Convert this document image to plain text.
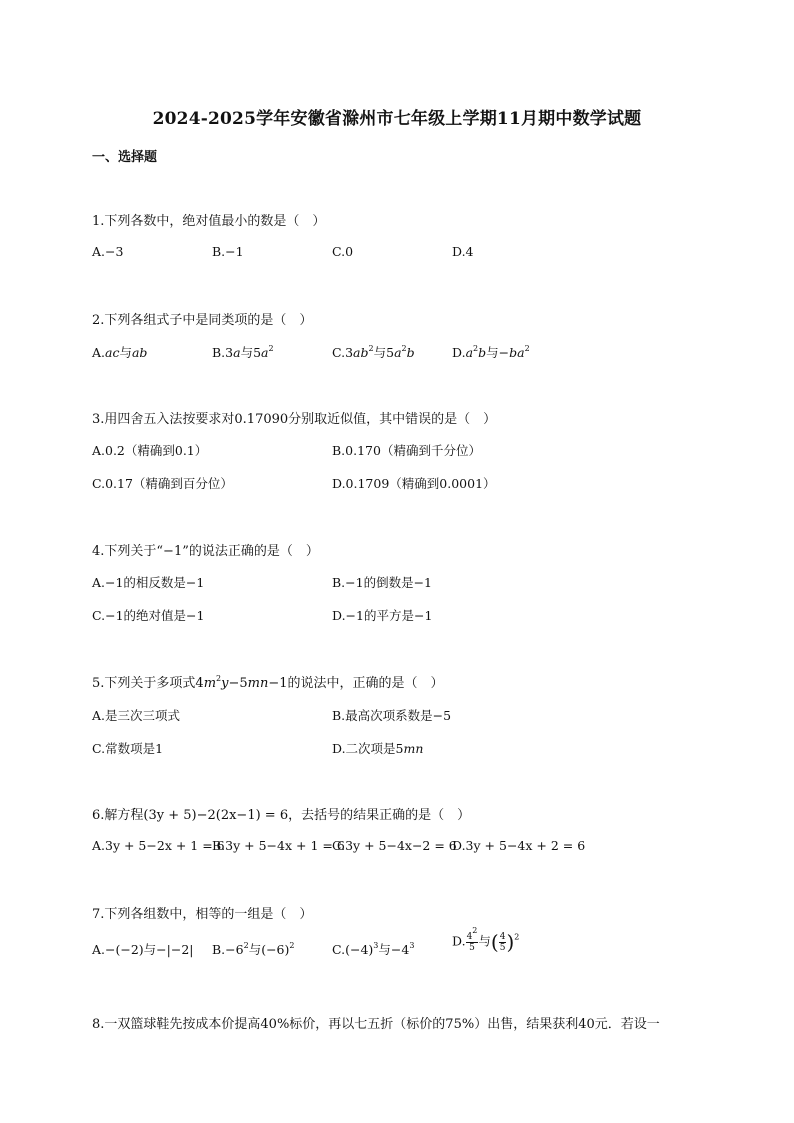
2024-2025学年安徽省滁州市七年级上学期11月期中数学试题
一、选择题
1.下列各数中，绝对值最小的数是（　）
A.−3	B.−1	C.0	D.4
2.下列各组式子中是同类项的是（　）
A.ac与ab	B.3a与$5a^2$	$C.3ab^2$与$5a^2b$	$D.a^2b$与$-ba^2$
3.用四舍五入法按要求对0.17090分别取近似值，其中错误的是（　）
A.0.2（精确到0.1）	B.0.170（精确到千分位）
C.0.17（精确到百分位）	D.0.1709（精确到0.0001）
4.下列关于“−1”的说法正确的是（　）
A.−1的相反数是−1	B.−1的倒数是−1
C.−1的绝对值是−1	D.−1的平方是−1
5.下列关于多项式$4m^2y-5mn-1$的说法中，正确的是（　）
A.是三次三项式	B.最高次项系数是−5
C.常数项是1	D.二次项是5mn
6.解方程(3y + 5)−2(2x−1) = 6，去括号的结果正确的是（　）
A.3y + 5−2x + 1 = 6
B.3y + 5−4x + 1 = 6
C.3y + 5−4x−2 = 6
D.3y + 5−4x + 2 = 6
7.下列各组数中，相等的一组是（　）
A.−(−2)与−|−2| $B.-6^2$与$(-6)^2$	$C.(-4)^3$与$-4^3$	D. $\frac{4^2}{5}$ 与( $\frac{4}{5} )^2$
8.一双篮球鞋先按成本价提高40%标价，再以七五折（标价的75%）出售，结果获利40元．若设一
